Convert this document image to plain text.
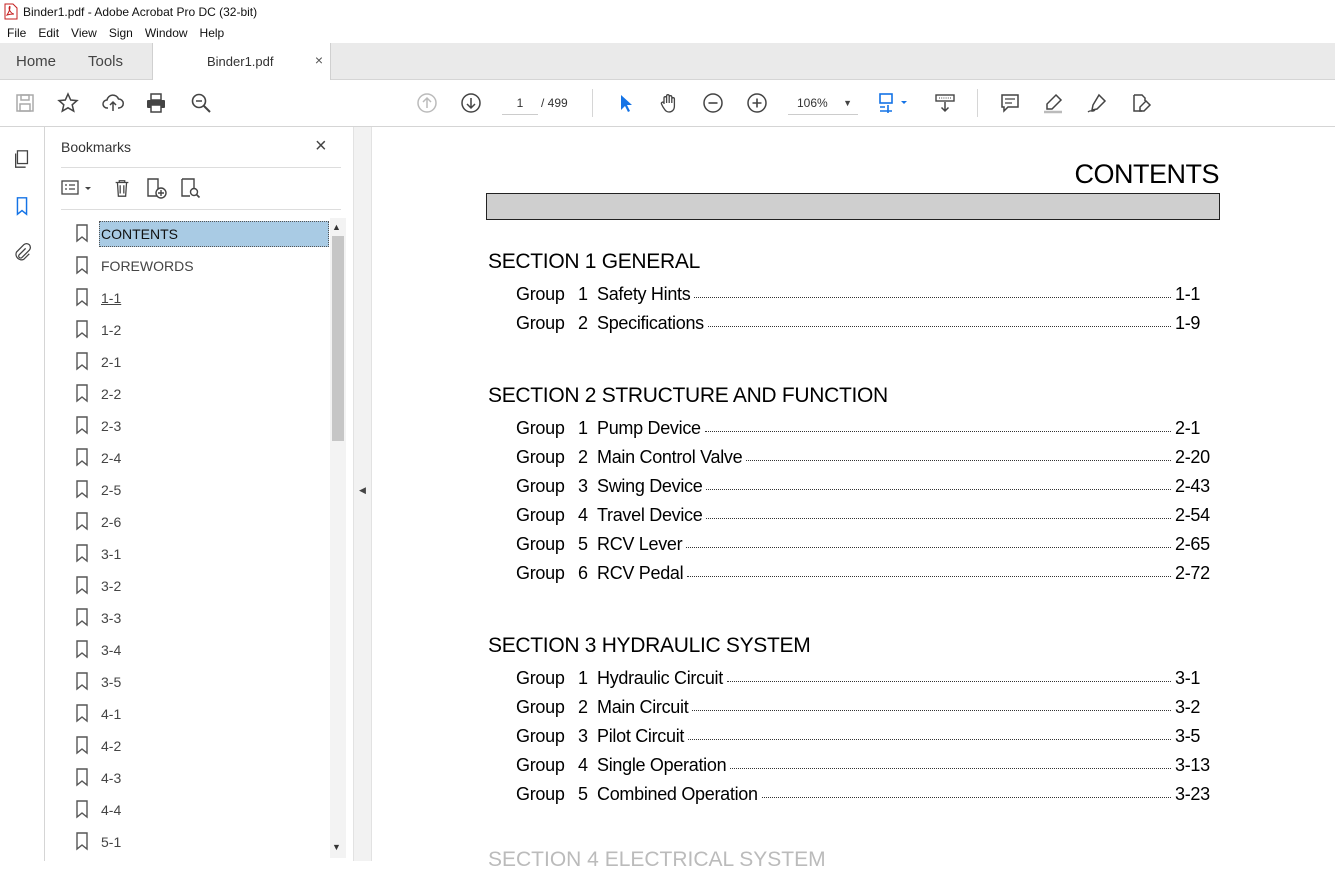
Binder1.pdf - Adobe Acrobat Pro DC (32-bit)
File Edit View Sign Window Help
Home Tools	Binder1.pdf	×
1	/ 499	106% ▼
Bookmarks	×
CONTENTS
FOREWORDS
1-1
1-2
2-1
2-2
2-3
2-4
2-5
2-6
3-1
3-2
3-3
3-4
3-5
4-1
4-2
4-3
4-4
5-1
▲
▼
◀
CONTENTS
SECTION 4 ELECTRICAL SYSTEM
SECTION 1 GENERAL
Group 1 Safety Hints	1-1
Group 2 Specifications	1-9
SECTION 2 STRUCTURE AND FUNCTION
Group 1 Pump Device	2-1
Group 2 Main Control Valve	2-20
Group 3 Swing Device	2-43
Group 4 Travel Device	2-54
Group 5 RCV Lever	2-65
Group 6 RCV Pedal	2-72
SECTION 3 HYDRAULIC SYSTEM
Group 1 Hydraulic Circuit	3-1
Group 2 Main Circuit	3-2
Group 3 Pilot Circuit	3-5
Group 4 Single Operation	3-13
Group 5 Combined Operation	3-23
